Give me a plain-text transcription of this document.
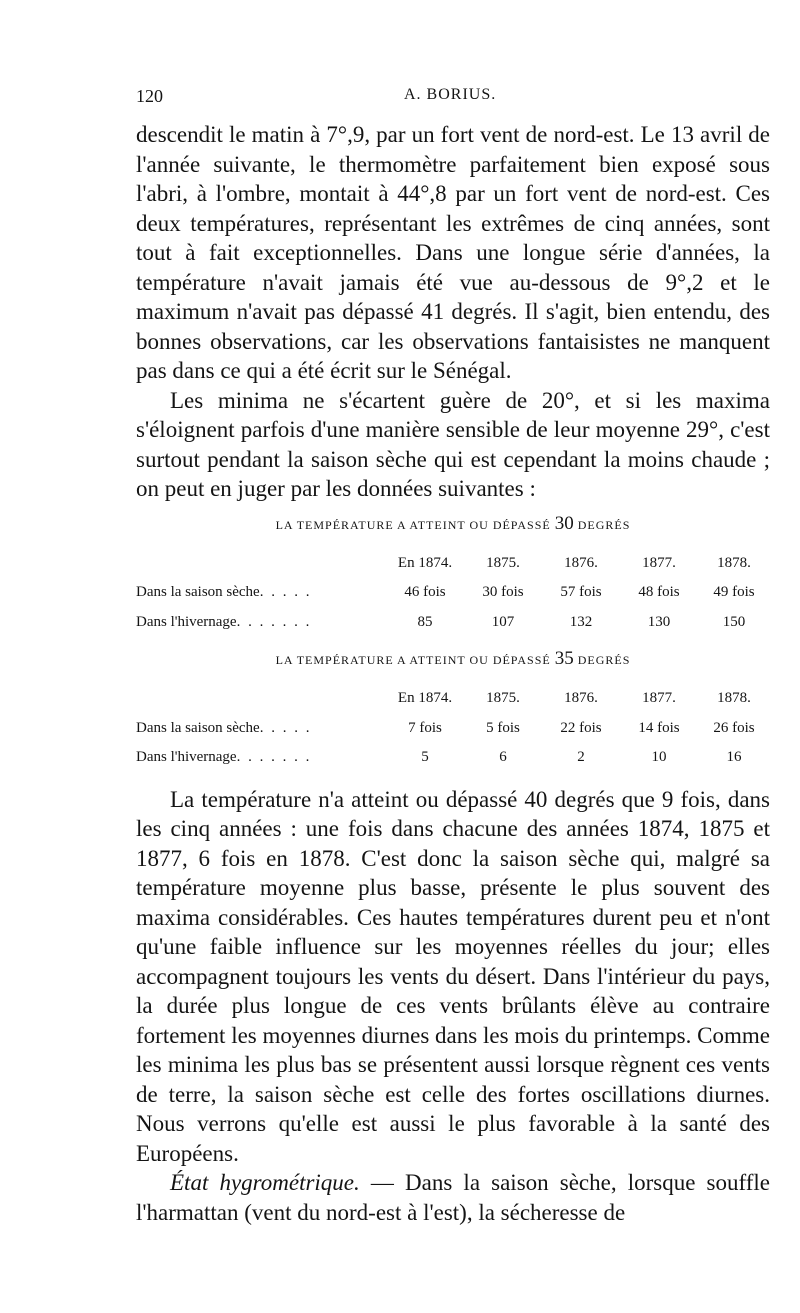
120	A. BORIUS.

descendit le matin à 7°,9, par un fort vent de nord-est. Le 13 avril de l'année suivante, le thermomètre parfaitement bien exposé sous l'abri, à l'ombre, montait à 44°,8 par un fort vent de nord-est. Ces deux températures, représentant les extrêmes de cinq années, sont tout à fait exceptionnelles. Dans une longue série d'années, la température n'avait jamais été vue au-dessous de 9°,2 et le maximum n'avait pas dépassé 41 degrés. Il s'agit, bien entendu, des bonnes observations, car les observations fantaisistes ne manquent pas dans ce qui a été écrit sur le Sénégal.

Les minima ne s'écartent guère de 20°, et si les maxima s'éloignent parfois d'une manière sensible de leur moyenne 29°, c'est surtout pendant la saison sèche qui est cependant la moins chaude ; on peut en juger par les données suivantes :

LA TEMPÉRATURE A ATTEINT OU DÉPASSÉ 30 DEGRÉS
	En 1874.	1875.	1876.	1877.	1878.
Dans la saison sèche. . . . .	46 fois	30 fois	57 fois	48 fois	49 fois
Dans l'hivernage. . . . . . .	85	107	132	130	150
LA TEMPÉRATURE A ATTEINT OU DÉPASSÉ 35 DEGRÉS
	En 1874.	1875.	1876.	1877.	1878.
Dans la saison sèche. . . . .	7 fois	5 fois	22 fois	14 fois	26 fois
Dans l'hivernage. . . . . . .	5	6	2	10	16

La température n'a atteint ou dépassé 40 degrés que 9 fois, dans les cinq années : une fois dans chacune des années 1874, 1875 et 1877, 6 fois en 1878. C'est donc la saison sèche qui, malgré sa température moyenne plus basse, présente le plus souvent des maxima considérables. Ces hautes températures durent peu et n'ont qu'une faible influence sur les moyennes réelles du jour; elles accompagnent toujours les vents du désert. Dans l'intérieur du pays, la durée plus longue de ces vents brûlants élève au contraire fortement les moyennes diurnes dans les mois du printemps. Comme les minima les plus bas se présentent aussi lorsque règnent ces vents de terre, la saison sèche est celle des fortes oscillations diurnes. Nous verrons qu'elle est aussi le plus favorable à la santé des Européens.

État hygrométrique. — Dans la saison sèche, lorsque souffle l'harmattan (vent du nord-est à l'est), la sécheresse de
